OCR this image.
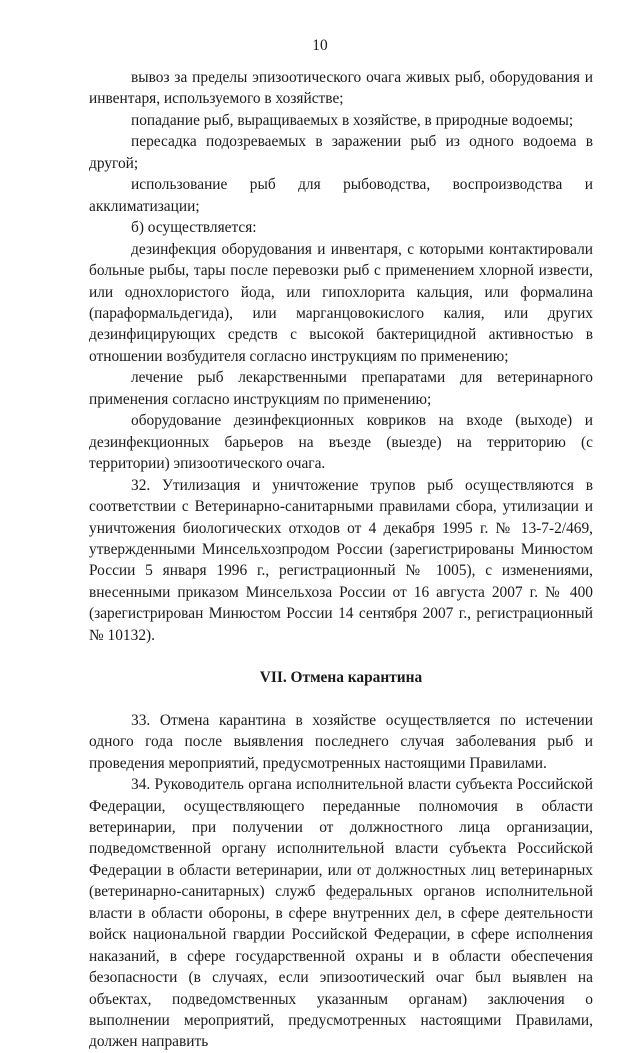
10

вывоз за пределы эпизоотического очага живых рыб, оборудования и инвентаря, используемого в хозяйстве;

попадание рыб, выращиваемых в хозяйстве, в природные водоемы;

пересадка подозреваемых в заражении рыб из одного водоема в другой;

использование рыб для рыбоводства, воспроизводства и акклиматизации;

б) осуществляется:

дезинфекция оборудования и инвентаря, с которыми контактировали больные рыбы, тары после перевозки рыб с применением хлорной извести, или однохлористого йода, или гипохлорита кальция, или формалина (параформальдегида), или марганцовокислого калия, или других дезинфицирующих средств с высокой бактерицидной активностью в отношении возбудителя согласно инструкциям по применению;

лечение рыб лекарственными препаратами для ветеринарного применения согласно инструкциям по применению;

оборудование дезинфекционных ковриков на входе (выходе) и дезинфекционных барьеров на въезде (выезде) на территорию (с территории) эпизоотического очага.

32. Утилизация и уничтожение трупов рыб осуществляются в соответствии с Ветеринарно-санитарными правилами сбора, утилизации и уничтожения биологических отходов от 4 декабря 1995 г. № 13-7-2/469, утвержденными Минсельхозпродом России (зарегистрированы Минюстом России 5 января 1996 г., регистрационный № 1005), с изменениями, внесенными приказом Минсельхоза России от 16 августа 2007 г. № 400 (зарегистрирован Минюстом России 14 сентября 2007 г., регистрационный № 10132).

VII. Отмена карантина

33. Отмена карантина в хозяйстве осуществляется по истечении одного года после выявления последнего случая заболевания рыб и проведения мероприятий, предусмотренных настоящими Правилами.

34. Руководитель органа исполнительной власти субъекта Российской Федерации, осуществляющего переданные полномочия в области ветеринарии, при получении от должностного лица организации, подведомственной органу исполнительной власти субъекта Российской Федерации в области ветеринарии, или от должностных лиц ветеринарных (ветеринарно-санитарных) служб федеральных органов исполнительной власти в области обороны, в сфере внутренних дел, в сфере деятельности войск национальной гвардии Российской Федерации, в сфере исполнения наказаний, в сфере государственной охраны и в области обеспечения безопасности (в случаях, если эпизоотический очаг был выявлен на объектах, подведомственных указанным органам) заключения о выполнении мероприятий, предусмотренных настоящими Правилами, должен направить
